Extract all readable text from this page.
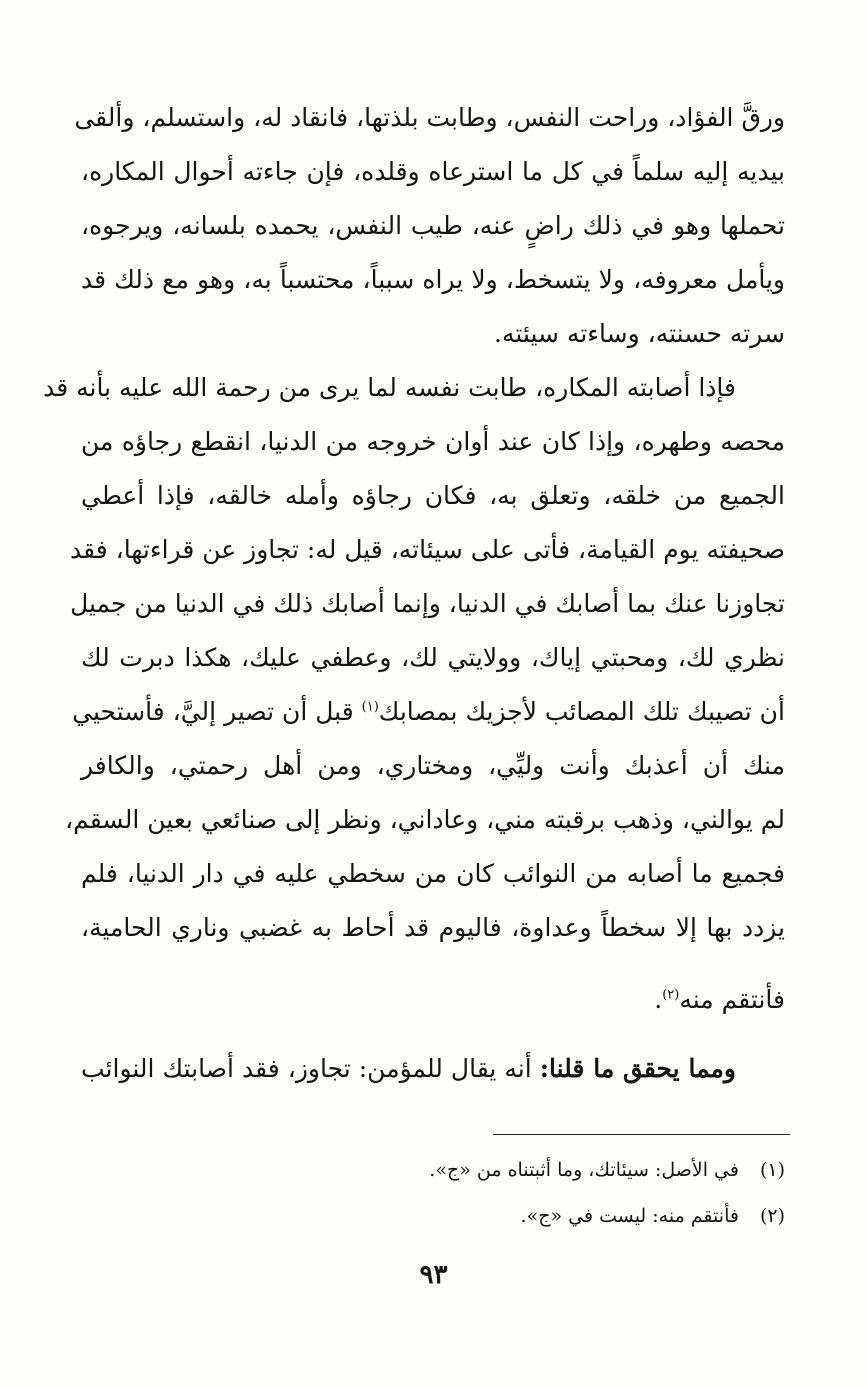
ورقَّ الفؤاد، وراحت النفس، وطابت بلذتها، فانقاد له، واستسلم، وألقى

بيديه إليه سلماً في كل ما استرعاه وقلده، فإن جاءته أحوال المكاره،

تحملها وهو في ذلك راضٍ عنه، طيب النفس، يحمده بلسانه، ويرجوه،

ويأمل معروفه، ولا يتسخط، ولا يراه سبباً، محتسباً به، وهو مع ذلك قد

سرته حسنته، وساءته سيئته.

فإذا أصابته المكاره، طابت نفسه لما يرى من رحمة الله عليه بأنه قد

محصه وطهره، وإذا كان عند أوان خروجه من الدنيا، انقطع رجاؤه من

الجميع من خلقه، وتعلق به، فكان رجاؤه وأمله خالقه، فإذا أعطي

صحيفته يوم القيامة، فأتى على سيئاته، قيل له: تجاوز عن قراءتها، فقد

تجاوزنا عنك بما أصابك في الدنيا، وإنما أصابك ذلك في الدنيا من جميل

نظري لك، ومحبتي إياك، وولايتي لك، وعطفي عليك، هكذا دبرت لك

أن تصيبك تلك المصائب لأجزيك بمصابك$^{(١)}$ قبل أن تصير إليَّ، فأستحيي

منك أن أعذبك وأنت وليِّي، ومختاري، ومن أهل رحمتي، والكافر

لم يوالني، وذهب برقبته مني، وعاداني، ونظر إلى صنائعي بعين السقم،

فجميع ما أصابه من النوائب كان من سخطي عليه في دار الدنيا، فلم

يزدد بها إلا سخطاً وعداوة، فاليوم قد أحاط به غضبي وناري الحامية،

فأنتقم منه$^{(٢)}$.

ومما يحقق ما قلنا: أنه يقال للمؤمن: تجاوز، فقد أصابتك النوائب

(١) في الأصل: سيئاتك، وما أثبتناه من «ج».

(٢) فأنتقم منه: ليست في «ج».

٩٣
